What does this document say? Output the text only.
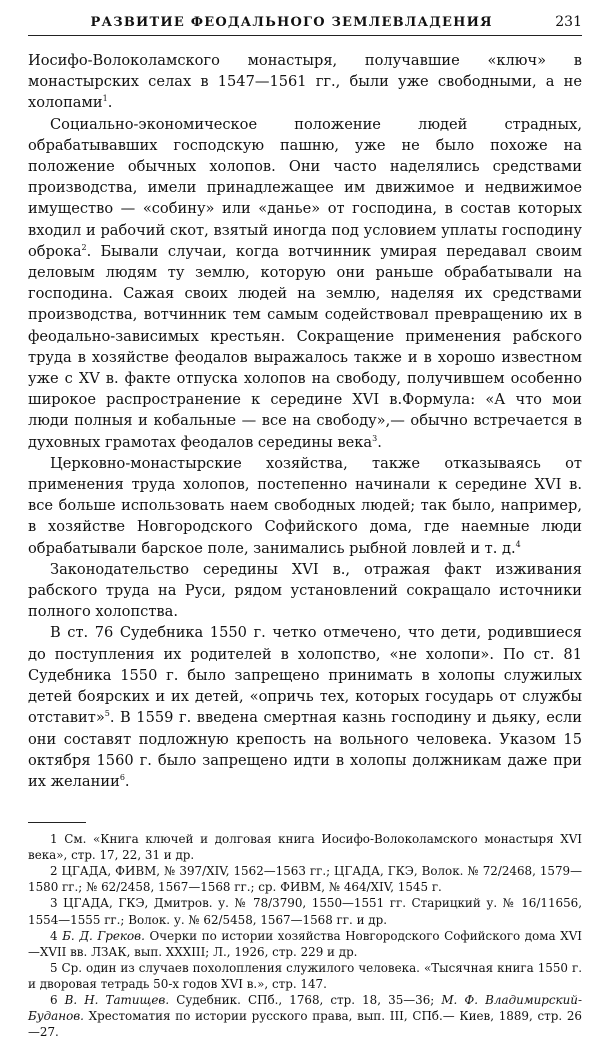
РАЗВИТИЕ ФЕОДАЛЬНОГО ЗЕМЛЕВЛАДЕНИЯ	231

Иосифо-Волоколамского монастыря, получавшие «ключ» в монастырских селах в 1547—1561 гг., были уже свободными, а не холопами$^1$.

Социально-экономическое положение людей страдных, обрабатывавших господскую пашню, уже не было похоже на положение обычных холопов. Они часто наделялись средствами производства, имели принадлежащее им движимое и недвижимое имущество — «собину» или «данье» от господина, в состав которых входил и рабочий скот, взятый иногда под условием уплаты господину оброка$^2$. Бывали случаи, когда вотчинник умирая передавал своим деловым людям ту землю, которую они раньше обрабатывали на господина. Сажая своих людей на землю, наделяя их средствами производства, вотчинник тем самым содействовал превращению их в феодально-зависимых крестьян. Сокращение применения рабского труда в хозяйстве феодалов выражалось также и в хорошо известном уже с XV в. факте отпуска холопов на свободу, получившем особенно широкое распространение к середине XVI в.Формула: «А что мои люди полныя и кобальные — все на свободу»,— обычно встречается в духовных грамотах феодалов середины века$^3$.

Церковно-монастырские хозяйства, также отказываясь от применения труда холопов, постепенно начинали к середине XVI в. все больше использовать наем свободных людей; так было, например, в хозяйстве Новгородского Софийского дома, где наемные люди обрабатывали барское поле, занимались рыбной ловлей и т. д.$^4$

Законодательство середины XVI в., отражая факт изживания рабского труда на Руси, рядом установлений сокращало источники полного холопства.

В ст. 76 Судебника 1550 г. четко отмечено, что дети, родившиеся до поступления их родителей в холопство, «не холопи». По ст. 81 Судебника 1550 г. было запрещено принимать в холопы служилых детей боярских и их детей, «опричь тех, которых государь от службы отставит»$^5$. В 1559 г. введена смертная казнь господину и дьяку, если они составят подложную крепость на вольного человека. Указом 15 октября 1560 г. было запрещено идти в холопы должникам даже при их желании$^6$.

1 См. «Книга ключей и долговая книга Иосифо-Волоколамского монастыря XVI века», стр. 17, 22, 31 и др.

2 ЦГАДА, ФИВМ, № 397/XIV, 1562—1563 гг.; ЦГАДА, ГКЭ, Волок. № 72/2468, 1579—1580 гг.; № 62/2458, 1567—1568 гг.; ср. ФИВМ, № 464/XIV, 1545 г.

3 ЦГАДА, ГКЭ, Дмитров. у. № 78/3790, 1550—1551 гг. Старицкий у. № 16/11656, 1554—1555 гг.; Волок. у. № 62/5458, 1567—1568 гг. и др.

4 Б. Д. Греков. Очерки по истории хозяйства Новгородского Софийского дома XVI—XVII вв. ЛЗАК, вып. XXXIII; Л., 1926, стр. 229 и др.

5 Ср. один из случаев похолопления служилого человека. «Тысячная книга 1550 г. и дворовая тетрадь 50-х годов XVI в.», стр. 147.

6 В. Н. Татищев. Судебник. СПб., 1768, стр. 18, 35—36; М. Ф. Владимирский-Буданов. Хрестоматия по истории русского права, вып. III, СПб.— Киев, 1889, стр. 26—27.
